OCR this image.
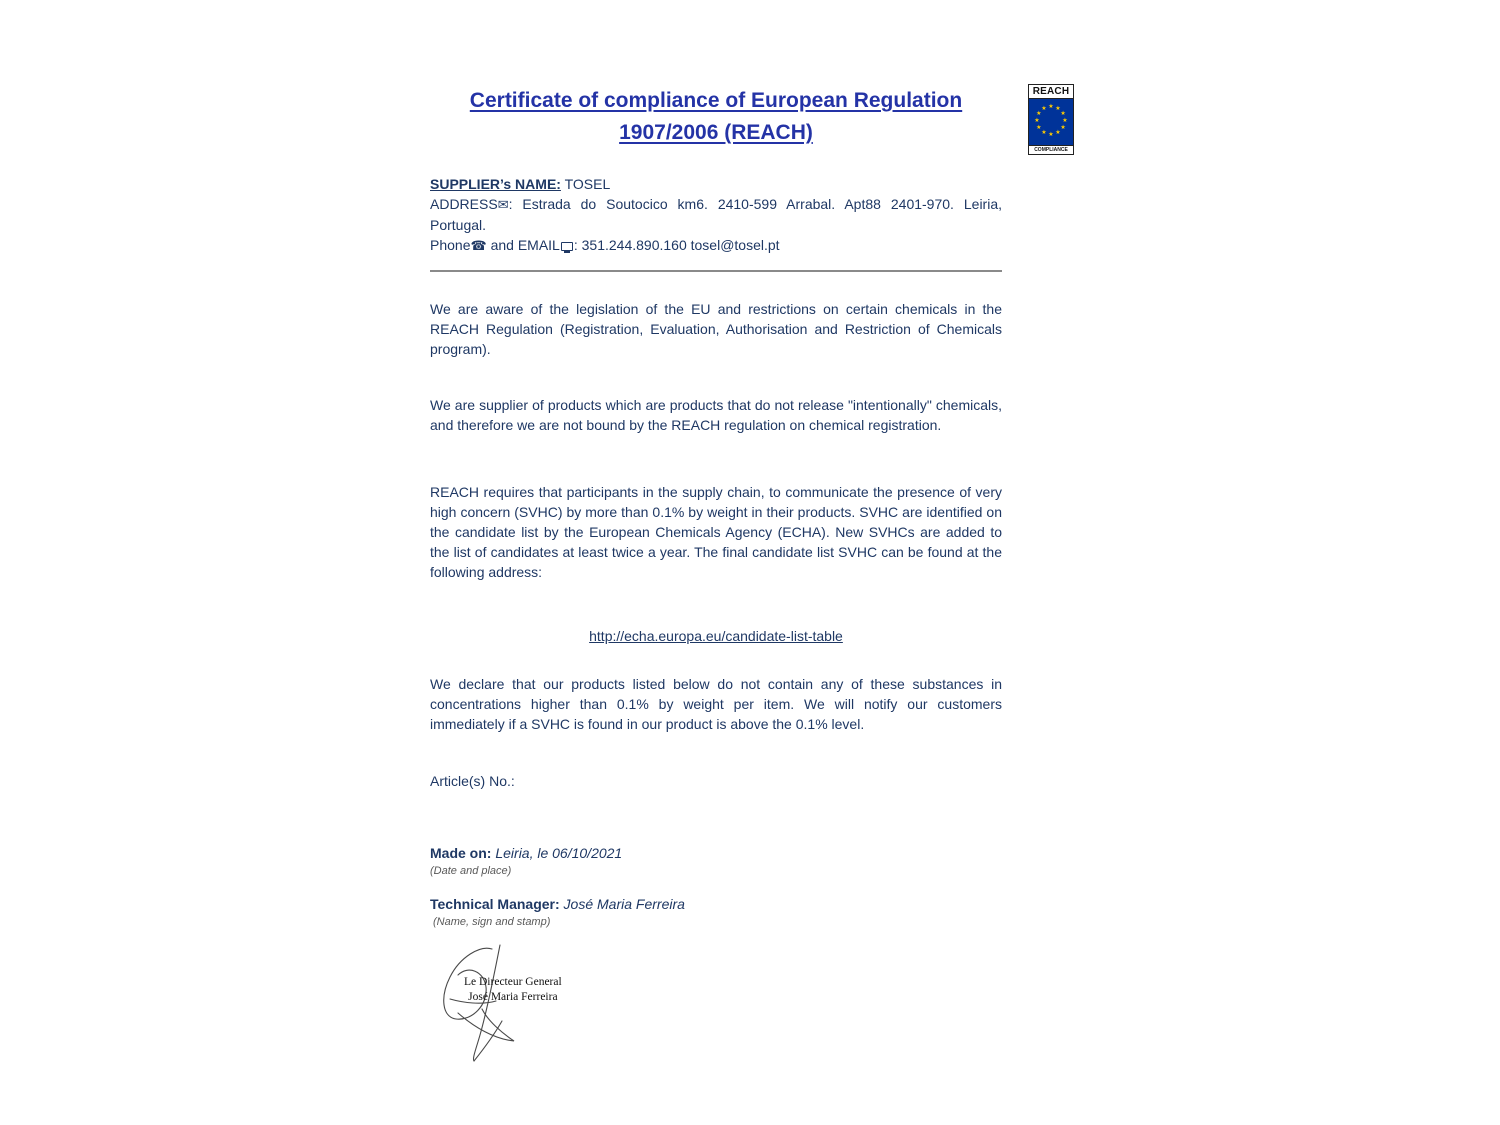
REACH
★ ★
★
★
★
★
★
★
★
★
★
★
COMPLIANCE
Certificate of compliance of European Regulation
1907/2006 (REACH)

SUPPLIER’s NAME: TOSEL

ADDRESS✉: Estrada do Soutocico km6. 2410-599 Arrabal. Apt88 2401-970. Leiria, Portugal.

Phone☎ and EMAIL : 351.244.890.160 tosel@tosel.pt

We are aware of the legislation of the EU and restrictions on certain chemicals in the REACH Regulation (Registration, Evaluation, Authorisation and Restriction of Chemicals program).

We are supplier of products which are products that do not release "intentionally" chemicals, and therefore we are not bound by the REACH regulation on chemical registration.

REACH requires that participants in the supply chain, to communicate the presence of very high concern (SVHC) by more than 0.1% by weight in their products. SVHC are identified on the candidate list by the European Chemicals Agency (ECHA). New SVHCs are added to the list of candidates at least twice a year. The final candidate list SVHC can be found at the following address:

http://echa.europa.eu/candidate-list-table

We declare that our products listed below do not contain any of these substances in concentrations higher than 0.1% by weight per item. We will notify our customers immediately if a SVHC is found in our product is above the 0.1% level.

Article(s) No.:

Made on: Leiria, le 06/10/2021

(Date and place)

Technical Manager: José Maria Ferreira

(Name, sign and stamp)

Le Directeur General
José Maria Ferreira
